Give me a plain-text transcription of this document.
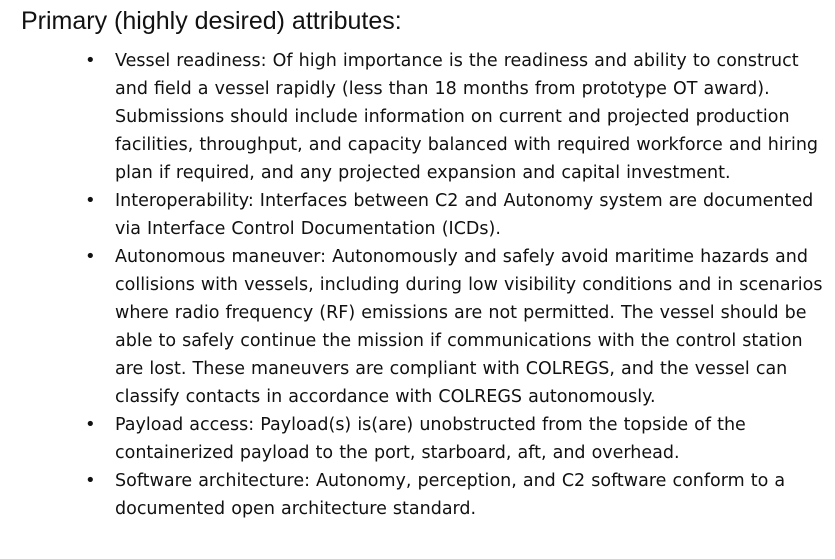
Primary (highly desired) attributes:
• Vessel readiness: Of high importance is the readiness and ability to construct and field a vessel rapidly (less than 18 months from prototype OT award). Submissions should include information on current and projected production facilities, throughput, and capacity balanced with required workforce and hiring plan if required, and any projected expansion and capital investment.
• Interoperability: Interfaces between C2 and Autonomy system are documented via Interface Control Documentation (ICDs).
• Autonomous maneuver: Autonomously and safely avoid maritime hazards and collisions with vessels, including during low visibility conditions and in scenarios where radio frequency (RF) emissions are not permitted. The vessel should be able to safely continue the mission if communications with the control station are lost. These maneuvers are compliant with COLREGS, and the vessel can classify contacts in accordance with COLREGS autonomously.
• Payload access: Payload(s) is(are) unobstructed from the topside of the containerized payload to the port, starboard, aft, and overhead.
• Software architecture: Autonomy, perception, and C2 software conform to a documented open architecture standard.
